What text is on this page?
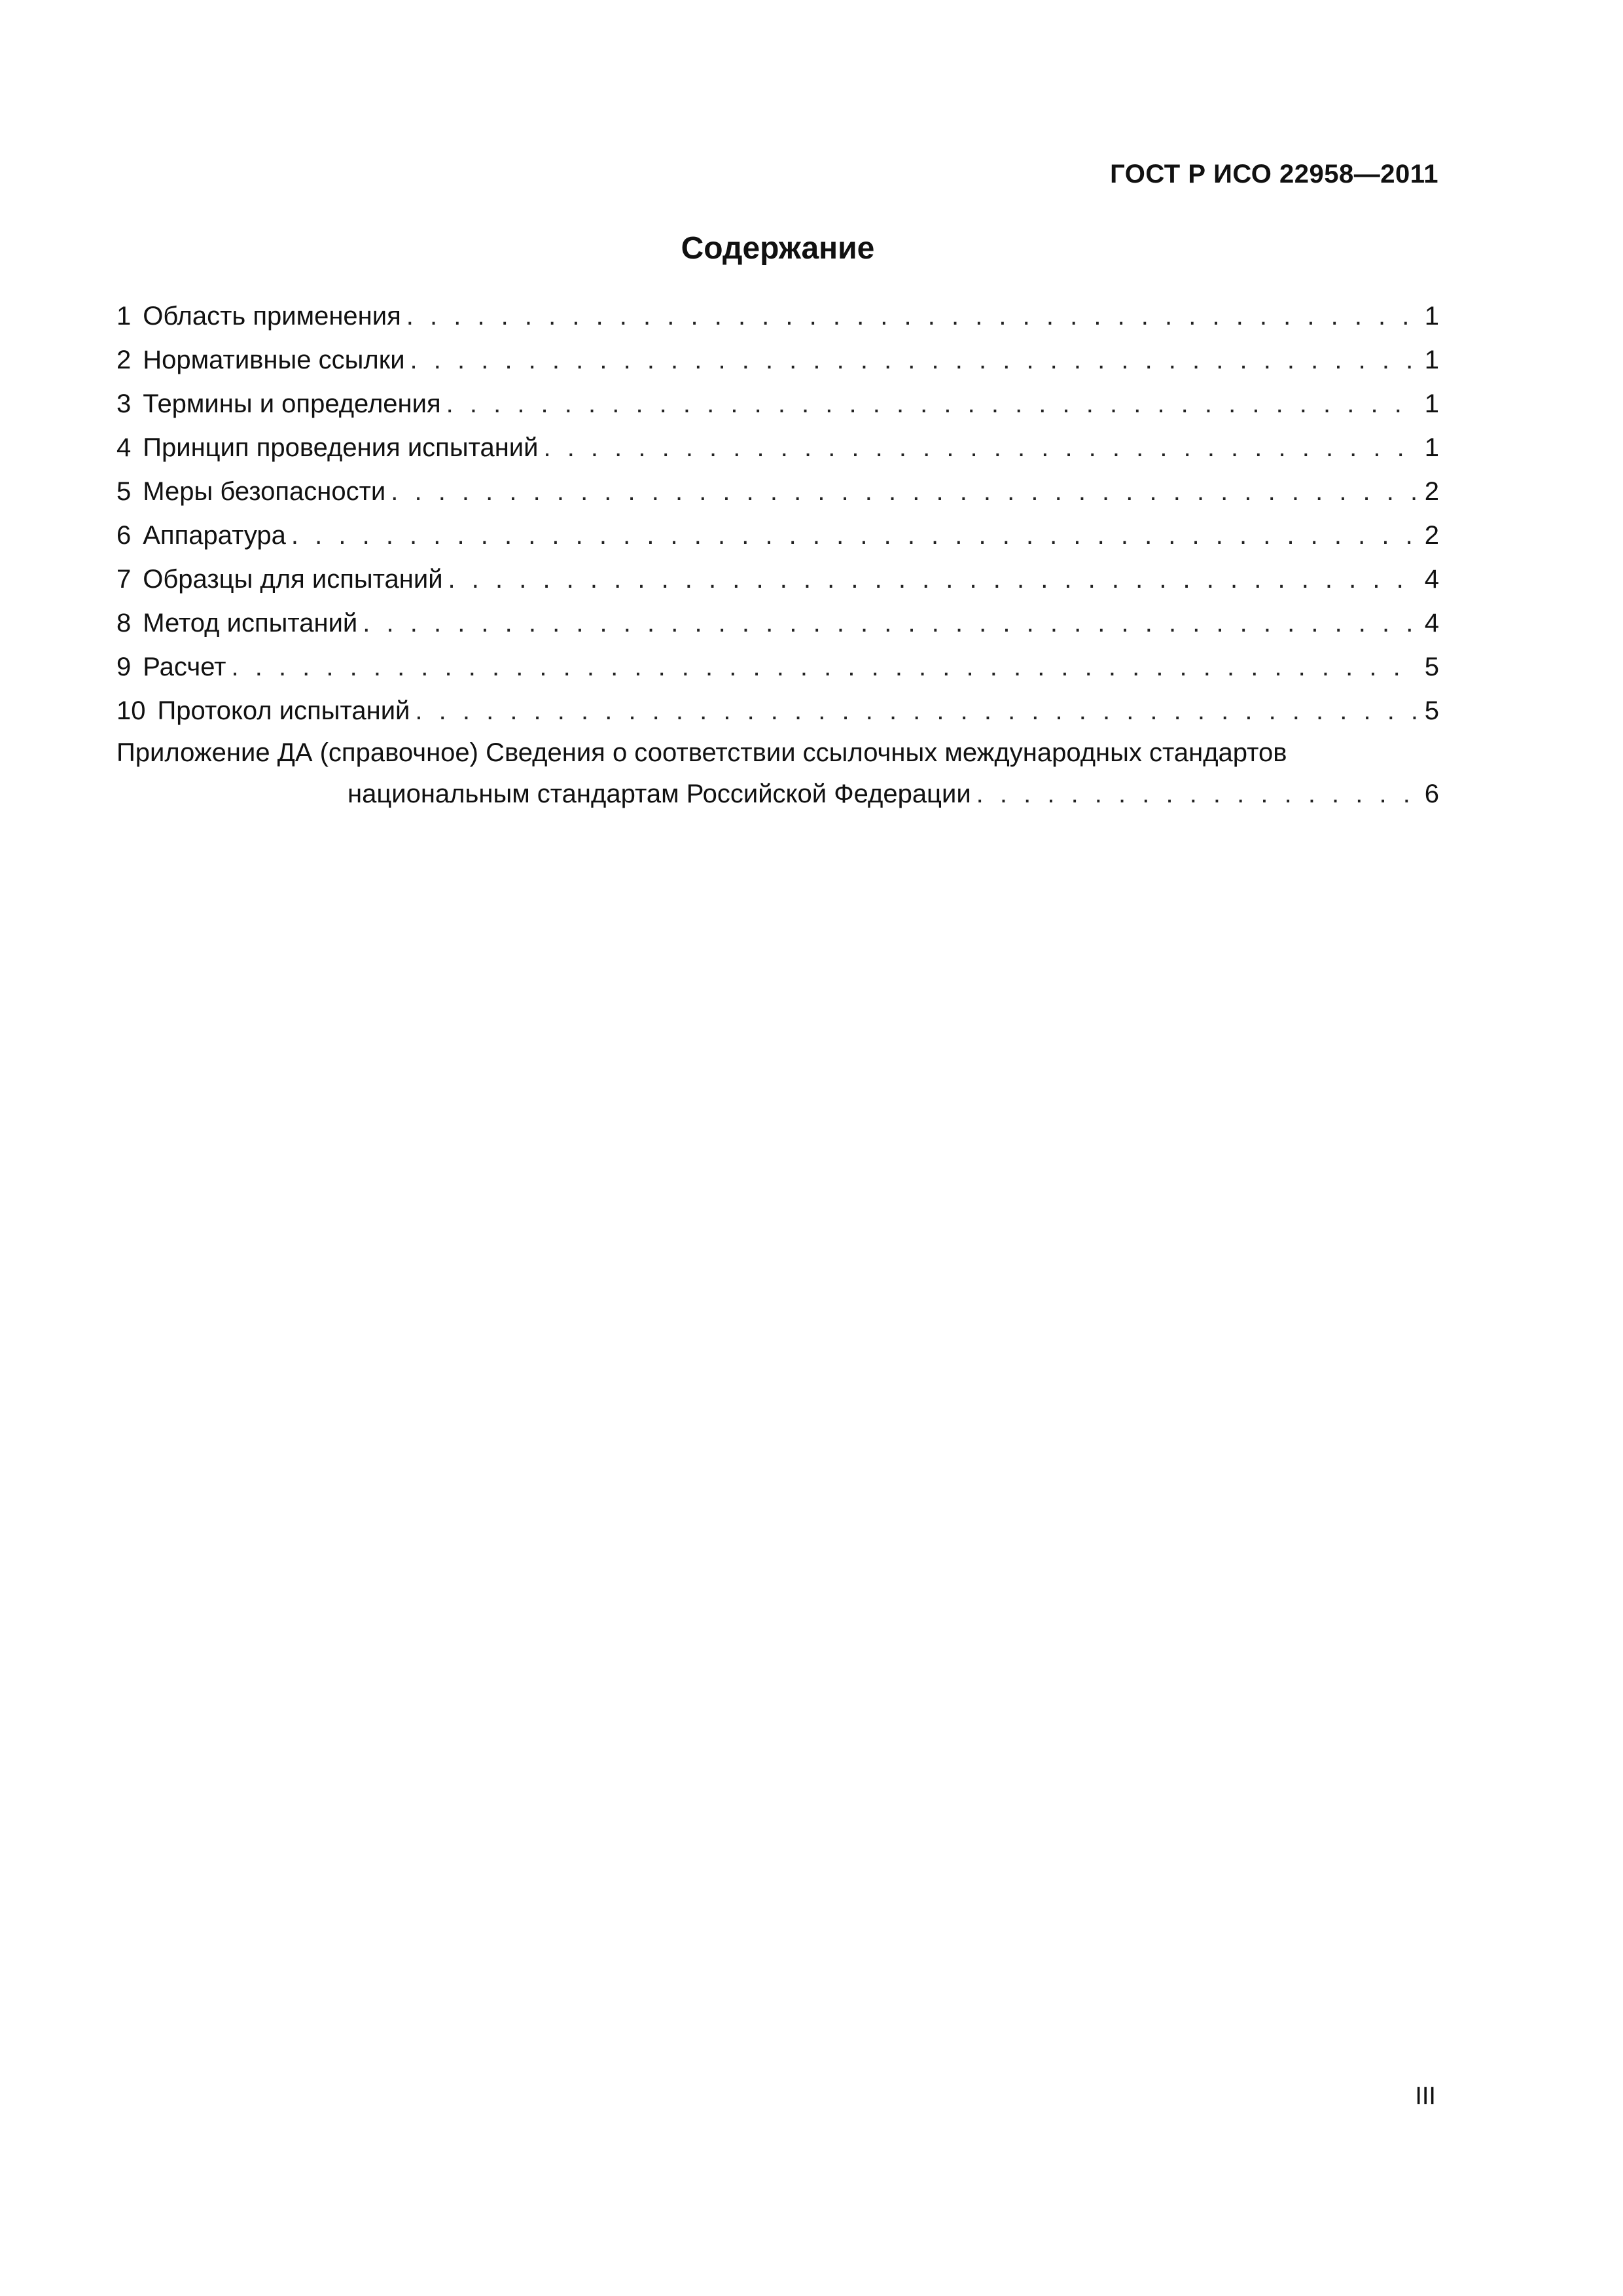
ГОСТ Р ИСО 22958—2011
Содержание
1 Область применения . . .	1
2 Нормативные ссылки . . .	1
3 Термины и определения . . .	1
4 Принцип проведения испытаний . . .	1
5 Меры безопасности . . .	2
6 Аппаратура . . .	2
7 Образцы для испытаний . . .	4
8 Метод испытаний . . .	4
9 Расчет . . .	5
10 Протокол испытаний . . .	5
Приложение ДА (справочное) Сведения о соответствии ссылочных международных стандартов
национальным стандартам Российской Федерации . . .	6
III
